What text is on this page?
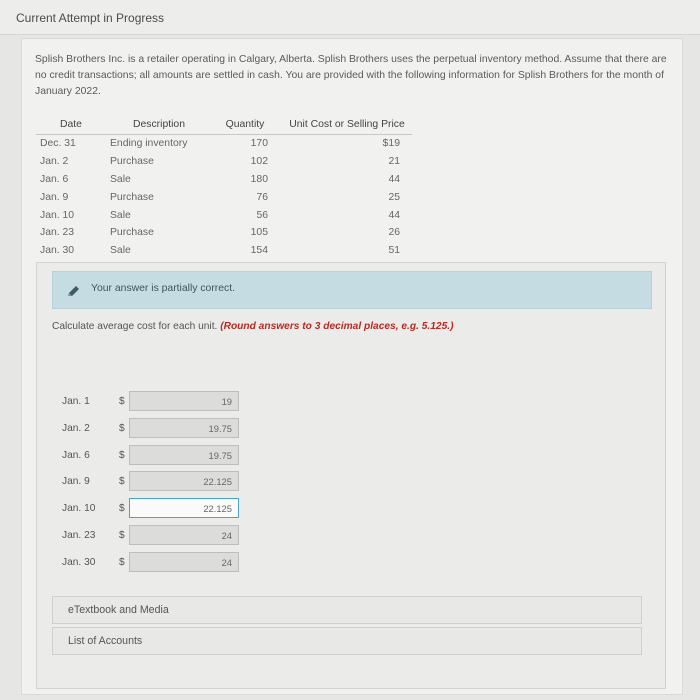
Current Attempt in Progress
Splish Brothers Inc. is a retailer operating in Calgary, Alberta. Splish Brothers uses the perpetual inventory method. Assume that there are no credit transactions; all amounts are settled in cash. You are provided with the following information for Splish Brothers for the month of January 2022.
Date	Description	Quantity	Unit Cost or Selling Price
Dec. 31	Ending inventory	170	$19
Jan. 2	Purchase	102	21
Jan. 6	Sale	180	44
Jan. 9	Purchase	76	25
Jan. 10	Sale	56	44
Jan. 23	Purchase	105	26
Jan. 30	Sale	154	51
Your answer is partially correct.
Calculate average cost for each unit. (Round answers to 3 decimal places, e.g. 5.125.)
Jan. 1	$
19
Jan. 2	$
19.75
Jan. 6	$
19.75
Jan. 9	$
22.125
Jan. 10 $
22.125
Jan. 23 $
24
Jan. 30 $
24
eTextbook and Media
List of Accounts
